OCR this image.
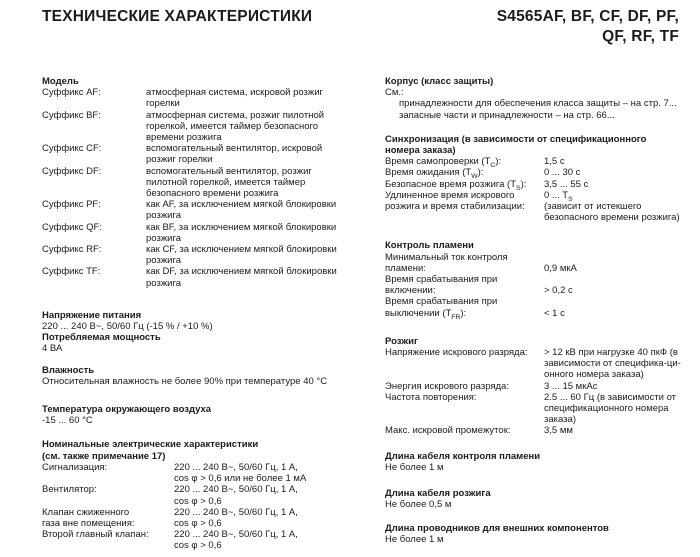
ТЕХНИЧЕСКИЕ ХАРАКТЕРИСТИКИ	S4565AF, BF, CF, DF, PF,
QF, RF, TF
Модель
Суффикс AF:	атмосферная система, искровой розжиг горелки
Суффикс BF:	атмосферная система, розжиг пилотной горелкой, имеется таймер безопасного времени розжига
Суффикс CF:	вспомогательный вентилятор, искровой розжиг горелки
Суффикс DF:	вспомогательный вентилятор, розжиг пилотной горелкой, имеется таймер безопасного времени розжига
Суффикс PF:	как AF, за исключением мягкой блокировки розжига
Суффикс QF:	как BF, за исключением мягкой блокировки розжига
Суффикс RF:	как CF, за исключением мягкой блокировки розжига
Суффикс TF:	как DF, за исключением мягкой блокировки розжига
Напряжение питания
220 ... 240 В~, 50/60 Гц (-15 % / +10 %)
Потребляемая мощность
4 ВА
Влажность
Относительная влажность не более 90% при температуре 40 °C
Температура окружающего воздуха
-15 ... 60 °C
Номинальные электрические характеристики
(см. также примечание 17)
Сигнализация:	220 ... 240 В~, 50/60 Гц, 1 А,
cos φ > 0,6 или не более 1 мА
Вентилятор:	220 ... 240 В~, 50/60 Гц, 1 А,
cos φ > 0,6
Клапан сжиженного
газа вне помещения:
220 ... 240 В~, 50/60 Гц, 1 А,
cos φ > 0,6
Второй главный клапан:	220 ... 240 В~, 50/60 Гц, 1 А,
cos φ > 0,6
Корпус (класс защиты)
См.:
принадлежности для обеспечения класса защиты – на стр. 7...
запасные части и принадлежности – на стр. 66...
Синхронизация (в зависимости от спецификационного номера заказа)
Время самопроверки $(T_C)$:	1,5 с
Время ожидания $(T_W)$:	0 ... 30 с
Безопасное время розжига $(T_S)$:	3,5 ... 55 с
Удлиненное время искрового розжига и время стабилизации:
0 ... $T_S$
(зависит от истекшего безопасного времени розжига)
Контроль пламени
Минимальный ток контроля пламени:	0,9 мкА
Время срабатывания при включении:	> 0,2 с
Время срабатывания при выключении $(T_{FR})$:	< 1 с
Розжиг
Напряжение искрового разряда:	> 12 кВ при нагрузке 40 пкФ (в зависимости от специфика-ци-онного номера заказа)
Энергия искрового разряда:	3 ... 15 мкАс
Частота повторения:	2.5 ... 60 Гц (в зависимости от спецификационного номера заказа)
Макс. искровой промежуток:	3,5 мм
Длина кабеля контроля пламени
Не более 1 м
Длина кабеля розжига
Не более 0,5 м
Длина проводников для внешних компонентов
Не более 1 м
